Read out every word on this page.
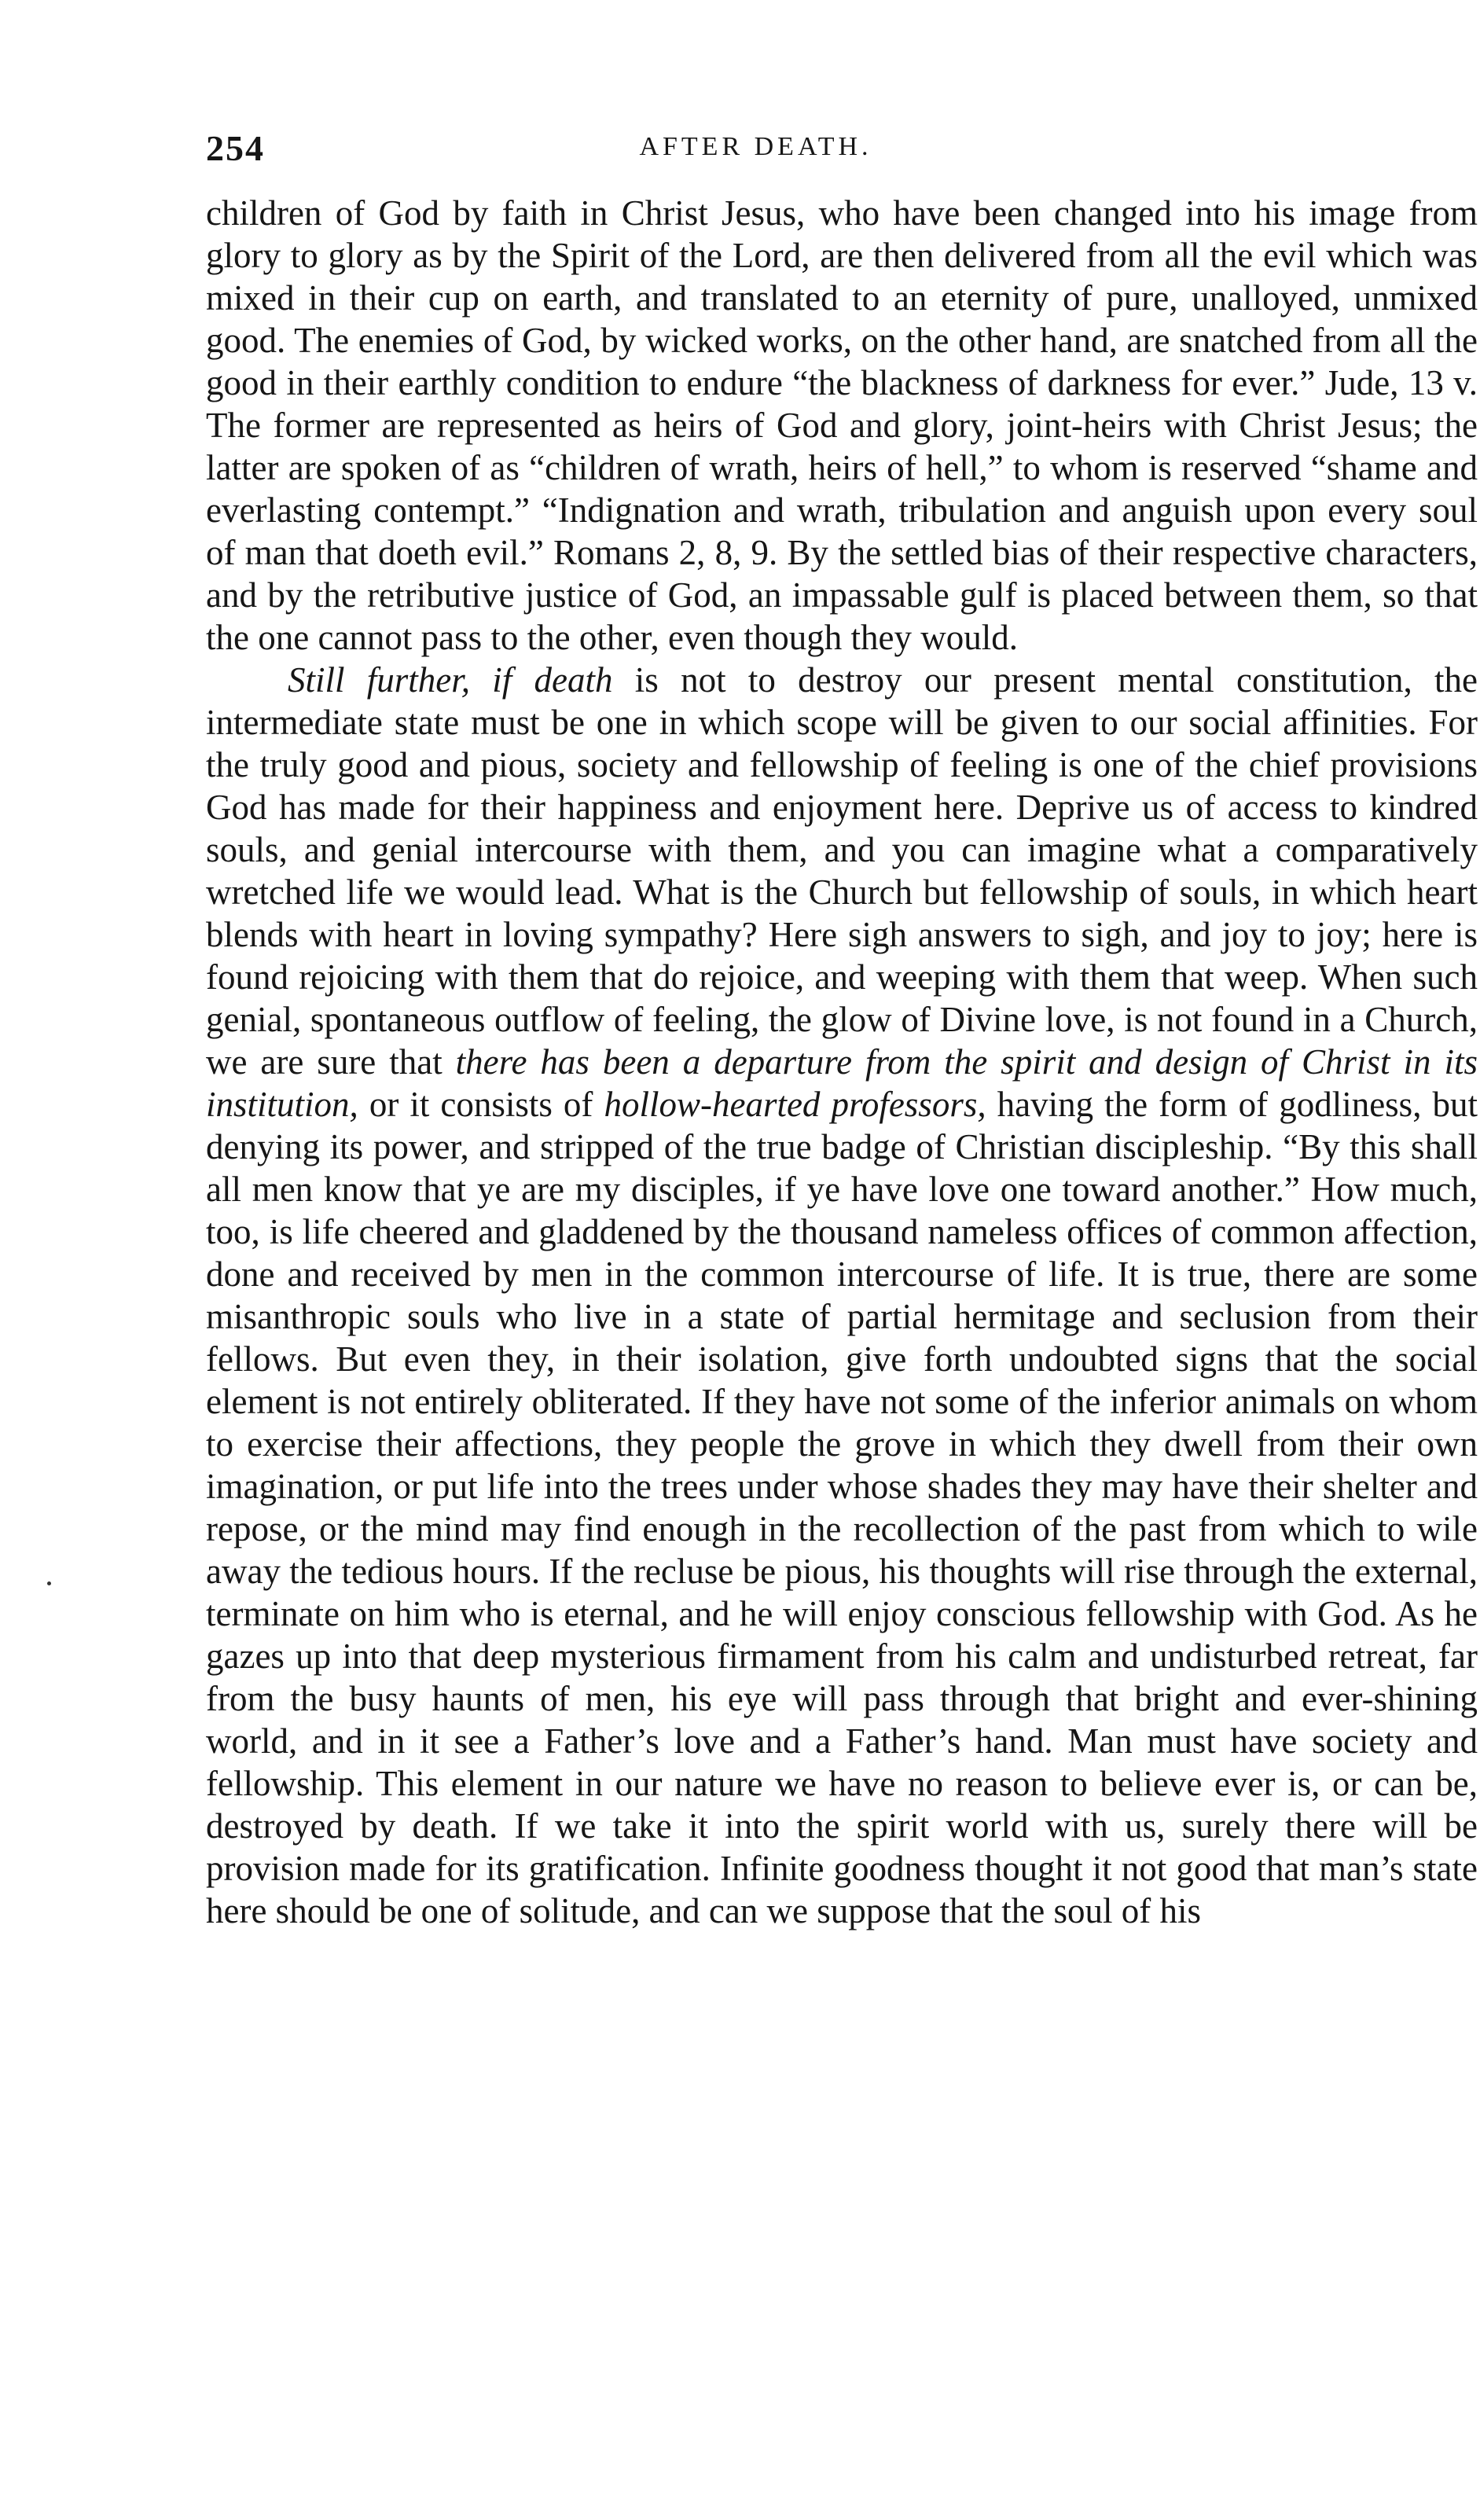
254	AFTER DEATH.

children of God by faith in Christ Jesus, who have been changed into his image from glory to glory as by the Spirit of the Lord, are then delivered from all the evil which was mixed in their cup on earth, and translated to an eternity of pure, unalloyed, unmixed good. The enemies of God, by wicked works, on the other hand, are snatched from all the good in their earthly condition to endure “the blackness of darkness for ever.” Jude, 13 v. The former are represented as heirs of God and glory, joint-heirs with Christ Jesus; the latter are spoken of as “children of wrath, heirs of hell,” to whom is reserved “shame and everlasting contempt.” “Indignation and wrath, tribulation and anguish upon every soul of man that doeth evil.” Romans 2, 8, 9. By the settled bias of their respective characters, and by the retributive justice of God, an impassable gulf is placed between them, so that the one cannot pass to the other, even though they would.

Still further, if death is not to destroy our present mental constitution, the intermediate state must be one in which scope will be given to our social affinities. For the truly good and pious, society and fellowship of feeling is one of the chief provisions God has made for their happiness and enjoyment here. Deprive us of access to kindred souls, and genial intercourse with them, and you can imagine what a comparatively wretched life we would lead. What is the Church but fellowship of souls, in which heart blends with heart in loving sympathy? Here sigh answers to sigh, and joy to joy; here is found rejoicing with them that do rejoice, and weeping with them that weep. When such genial, spontaneous outflow of feeling, the glow of Divine love, is not found in a Church, we are sure that there has been a departure from the spirit and design of Christ in its institution, or it consists of hollow-hearted professors, having the form of godliness, but denying its power, and stripped of the true badge of Christian discipleship. “By this shall all men know that ye are my disciples, if ye have love one toward another.” How much, too, is life cheered and gladdened by the thousand nameless offices of common affection, done and received by men in the common intercourse of life. It is true, there are some misanthropic souls who live in a state of partial hermitage and seclusion from their fellows. But even they, in their isolation, give forth undoubted signs that the social element is not entirely obliterated. If they have not some of the inferior animals on whom to exercise their affections, they people the grove in which they dwell from their own imagination, or put life into the trees under whose shades they may have their shelter and repose, or the mind may find enough in the recollection of the past from which to wile away the tedious hours. If the recluse be pious, his thoughts will rise through the external, terminate on him who is eternal, and he will enjoy conscious fellowship with God. As he gazes up into that deep mysterious firmament from his calm and undisturbed retreat, far from the busy haunts of men, his eye will pass through that bright and ever-shining world, and in it see a Father’s love and a Father’s hand. Man must have society and fellowship. This element in our nature we have no reason to believe ever is, or can be, destroyed by death. If we take it into the spirit world with us, surely there will be provision made for its gratification. Infinite goodness thought it not good that man’s state here should be one of solitude, and can we suppose that the soul of his
